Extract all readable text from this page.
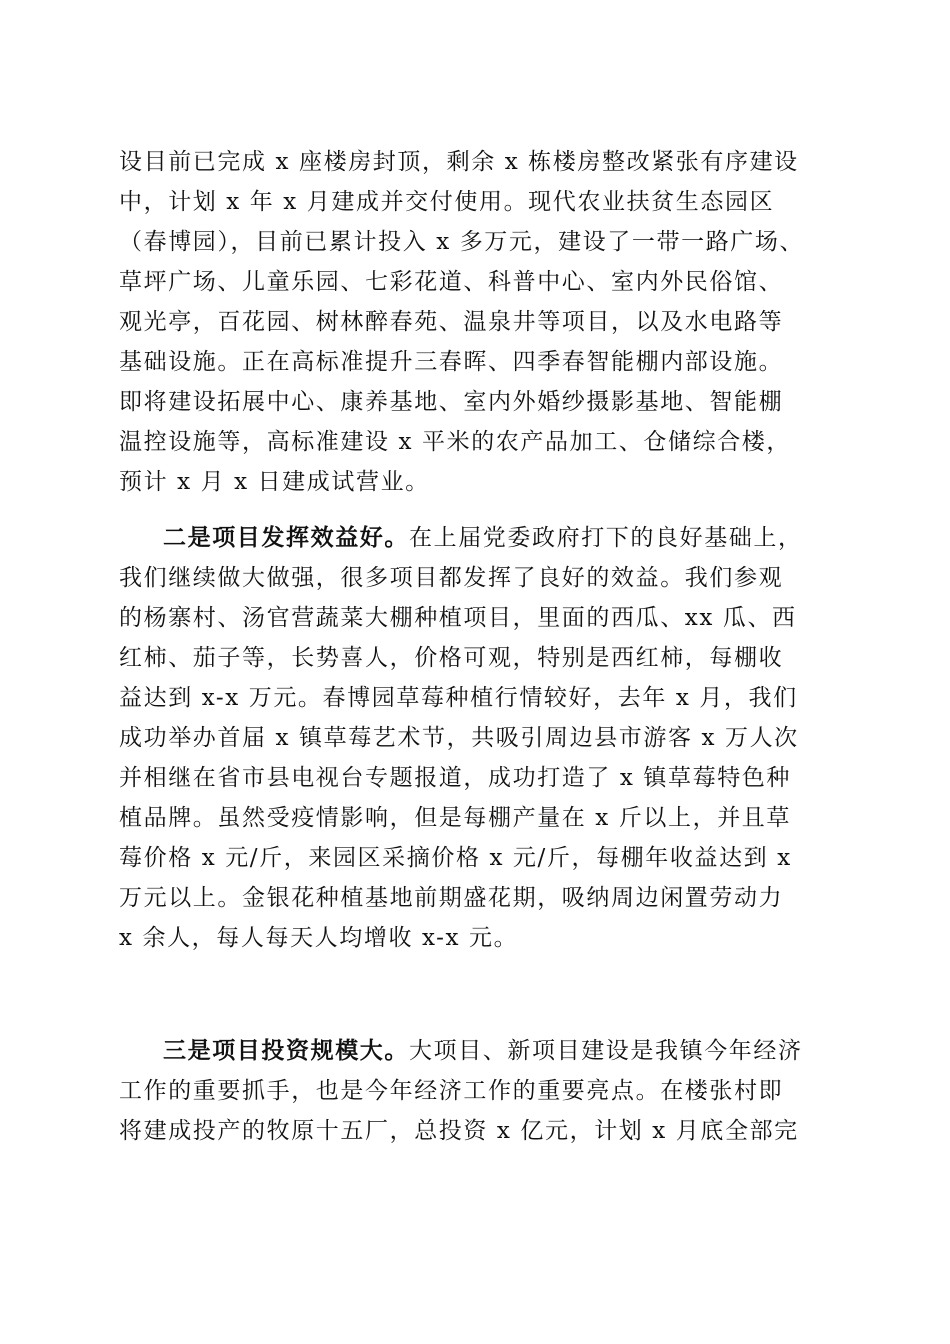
设目前已完成 x 座楼房封顶，剩余 x 栋楼房整改紧张有序建设
中，计划 x 年 x 月建成并交付使用。现代农业扶贫生态园区
（春博园），目前已累计投入 x 多万元，建设了一带一路广场、
草坪广场、儿童乐园、七彩花道、科普中心、室内外民俗馆、
观光亭，百花园、树林醉春苑、温泉井等项目，以及水电路等
基础设施。正在高标准提升三春晖、四季春智能棚内部设施。
即将建设拓展中心、康养基地、室内外婚纱摄影基地、智能棚
温控设施等，高标准建设 x 平米的农产品加工、仓储综合楼，
预计 x 月 x 日建成试营业。
二是项目发挥效益好。在上届党委政府打下的良好基础上，
我们继续做大做强，很多项目都发挥了良好的效益。我们参观
的杨寨村、汤官营蔬菜大棚种植项目，里面的西瓜、xx 瓜、西
红柿、茄子等，长势喜人，价格可观，特别是西红柿，每棚收
益达到 x-x 万元。春博园草莓种植行情较好，去年 x 月，我们
成功举办首届 x 镇草莓艺术节，共吸引周边县市游客 x 万人次
并相继在省市县电视台专题报道，成功打造了 x 镇草莓特色种
植品牌。虽然受疫情影响，但是每棚产量在 x 斤以上，并且草
莓价格 x 元/斤，来园区采摘价格 x 元/斤，每棚年收益达到 x
万元以上。金银花种植基地前期盛花期，吸纳周边闲置劳动力
x 余人，每人每天人均增收 x-x 元。
三是项目投资规模大。大项目、新项目建设是我镇今年经济
工作的重要抓手，也是今年经济工作的重要亮点。在楼张村即
将建成投产的牧原十五厂，总投资 x 亿元，计划 x 月底全部完
